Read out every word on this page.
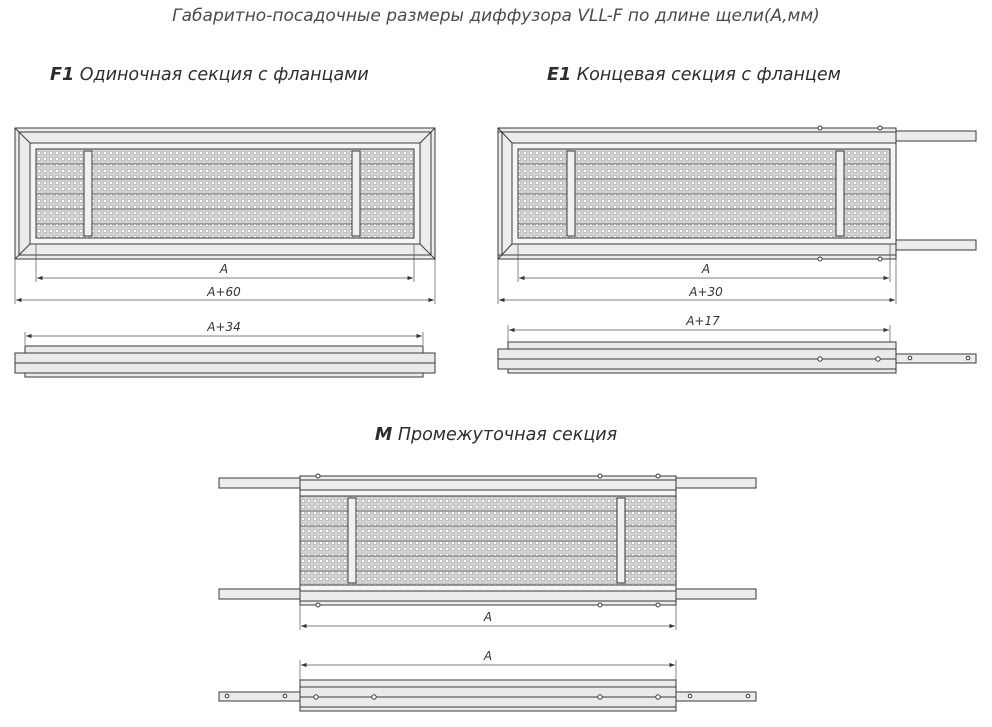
Габаритно-посадочные размеры диффузора VLL-F по длине щели(А,мм)
F1 Одиночная секция с фланцами	E1 Концевая секция с фланцем
M Промежуточная секция
A
A+60
A+34
A
A+30
A+17
A
A
